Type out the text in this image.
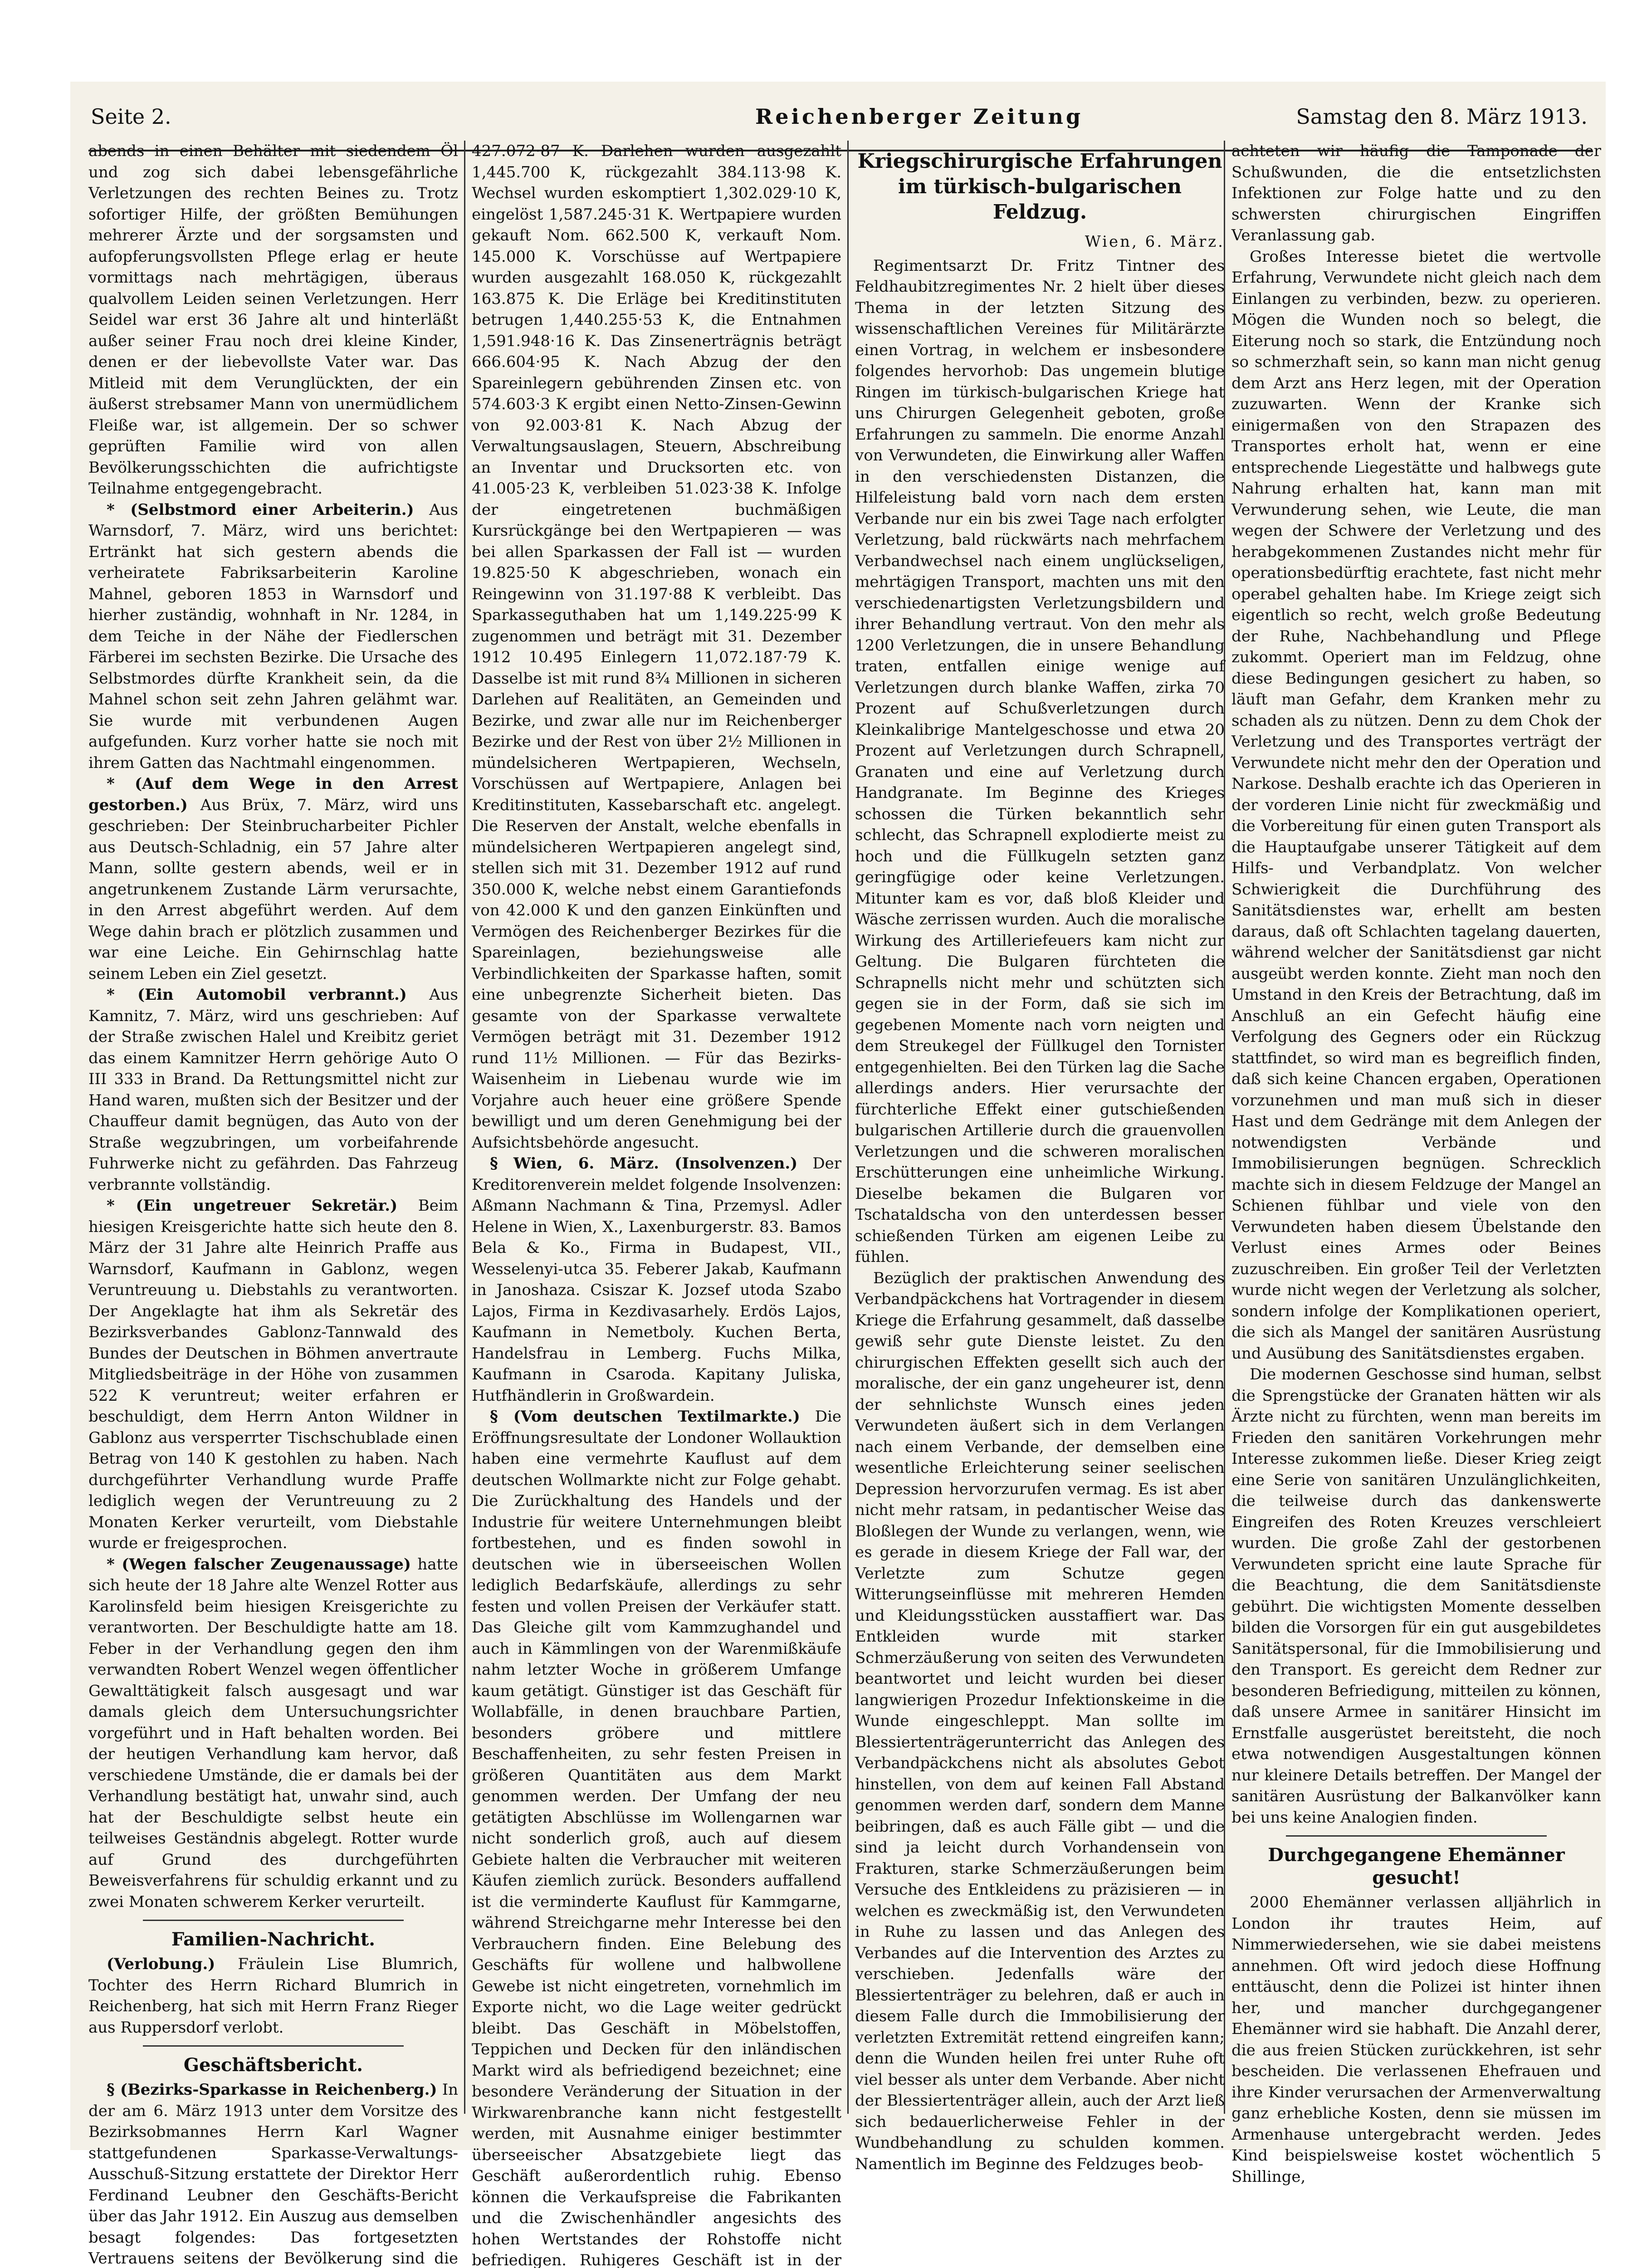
Seite 2.	Reichenberger Zeitung	Samstag den 8. März 1913.

abends in einen Behälter mit siedendem Öl und zog sich dabei lebensgefährliche Verletzungen des rechten Beines zu. Trotz sofortiger Hilfe, der größten Bemühungen mehrerer Ärzte und der sorgsamsten und aufopferungsvollsten Pflege erlag er heute vormittags nach mehrtägigen, überaus qualvollem Leiden seinen Verletzungen. Herr Seidel war erst 36 Jahre alt und hinterläßt außer seiner Frau noch drei kleine Kinder, denen er der liebevollste Vater war. Das Mitleid mit dem Verunglückten, der ein äußerst strebsamer Mann von unermüdlichem Fleiße war, ist allgemein. Der so schwer geprüften Familie wird von allen Bevölkerungsschichten die aufrichtigste Teilnahme entgegengebracht.

* (Selbstmord einer Arbeiterin.) Aus Warnsdorf, 7. März, wird uns berichtet: Ertränkt hat sich gestern abends die verheiratete Fabriksarbeiterin Karoline Mahnel, geboren 1853 in Warnsdorf und hierher zuständig, wohnhaft in Nr. 1284, in dem Teiche in der Nähe der Fiedlerschen Färberei im sechsten Bezirke. Die Ursache des Selbstmordes dürfte Krankheit sein, da die Mahnel schon seit zehn Jahren gelähmt war. Sie wurde mit verbundenen Augen aufgefunden. Kurz vorher hatte sie noch mit ihrem Gatten das Nachtmahl eingenommen.

* (Auf dem Wege in den Arrest gestorben.) Aus Brüx, 7. März, wird uns geschrieben: Der Steinbrucharbeiter Pichler aus Deutsch-Schladnig, ein 57 Jahre alter Mann, sollte gestern abends, weil er in angetrunkenem Zustande Lärm verursachte, in den Arrest abgeführt werden. Auf dem Wege dahin brach er plötzlich zusammen und war eine Leiche. Ein Gehirnschlag hatte seinem Leben ein Ziel gesetzt.

* (Ein Automobil verbrannt.) Aus Kamnitz, 7. März, wird uns geschrieben: Auf der Straße zwischen Halel und Kreibitz geriet das einem Kamnitzer Herrn gehörige Auto O III 333 in Brand. Da Rettungsmittel nicht zur Hand waren, mußten sich der Besitzer und der Chauffeur damit begnügen, das Auto von der Straße wegzubringen, um vorbeifahrende Fuhrwerke nicht zu gefährden. Das Fahrzeug verbrannte vollständig.

* (Ein ungetreuer Sekretär.) Beim hiesigen Kreisgerichte hatte sich heute den 8. März der 31 Jahre alte Heinrich Praffe aus Warnsdorf, Kaufmann in Gablonz, wegen Veruntreuung u. Diebstahls zu verantworten. Der Angeklagte hat ihm als Sekretär des Bezirksverbandes Gablonz-Tannwald des Bundes der Deutschen in Böhmen anvertraute Mitgliedsbeiträge in der Höhe von zusammen 522 K veruntreut; weiter erfahren er beschuldigt, dem Herrn Anton Wildner in Gablonz aus versperrter Tischschublade einen Betrag von 140 K gestohlen zu haben. Nach durchgeführter Verhandlung wurde Praffe lediglich wegen der Veruntreuung zu 2 Monaten Kerker verurteilt, vom Diebstahle wurde er freigesprochen.

* (Wegen falscher Zeugenaussage) hatte sich heute der 18 Jahre alte Wenzel Rotter aus Karolinsfeld beim hiesigen Kreisgerichte zu verantworten. Der Beschuldigte hatte am 18. Feber in der Verhandlung gegen den ihm verwandten Robert Wenzel wegen öffentlicher Gewalttätigkeit falsch ausgesagt und war damals gleich dem Untersuchungsrichter vorgeführt und in Haft behalten worden. Bei der heutigen Verhandlung kam hervor, daß verschiedene Umstände, die er damals bei der Verhandlung bestätigt hat, unwahr sind, auch hat der Beschuldigte selbst heute ein teilweises Geständnis abgelegt. Rotter wurde auf Grund des durchgeführten Beweisverfahrens für schuldig erkannt und zu zwei Monaten schwerem Kerker verurteilt.

Familien-Nachricht.

(Verlobung.) Fräulein Lise Blumrich, Tochter des Herrn Richard Blumrich in Reichenberg, hat sich mit Herrn Franz Rieger aus Ruppersdorf verlobt.

Geschäftsbericht.

§ (Bezirks-Sparkasse in Reichenberg.) In der am 6. März 1913 unter dem Vorsitze des Bezirksobmannes Herrn Karl Wagner stattgefundenen Sparkasse-Verwaltungs-Ausschuß-Sitzung erstattete der Direktor Herr Ferdinand Leubner den Geschäfts-Bericht über das Jahr 1912. Ein Auszug aus demselben besagt folgendes: Das fortgesetzten Vertrauens seitens der Bevölkerung sind die

427.072·87 K. Darlehen wurden ausgezahlt 1,445.700 K, rückgezahlt 384.113·98 K. Wechsel wurden eskomptiert 1,302.029·10 K, eingelöst 1,587.245·31 K. Wertpapiere wurden gekauft Nom. 662.500 K, verkauft Nom. 145.000 K. Vorschüsse auf Wertpapiere wurden ausgezahlt 168.050 K, rückgezahlt 163.875 K. Die Erläge bei Kreditinstituten betrugen 1,440.255·53 K, die Entnahmen 1,591.948·16 K. Das Zinsenerträgnis beträgt 666.604·95 K. Nach Abzug der den Spareinlegern gebührenden Zinsen etc. von 574.603·3 K ergibt einen Netto-Zinsen-Gewinn von 92.003·81 K. Nach Abzug der Verwaltungsauslagen, Steuern, Abschreibung an Inventar und Drucksorten etc. von 41.005·23 K, verbleiben 51.023·38 K. Infolge der eingetretenen buchmäßigen Kursrückgänge bei den Wertpapieren — was bei allen Sparkassen der Fall ist — wurden 19.825·50 K abgeschrieben, wonach ein Reingewinn von 31.197·88 K verbleibt. Das Sparkasseguthaben hat um 1,149.225·99 K zugenommen und beträgt mit 31. Dezember 1912 10.495 Einlegern 11,072.187·79 K. Dasselbe ist mit rund 8¾ Millionen in sicheren Darlehen auf Realitäten, an Gemeinden und Bezirke, und zwar alle nur im Reichenberger Bezirke und der Rest von über 2½ Millionen in mündelsicheren Wertpapieren, Wechseln, Vorschüssen auf Wertpapiere, Anlagen bei Kreditinstituten, Kassebarschaft etc. angelegt. Die Reserven der Anstalt, welche ebenfalls in mündelsicheren Wertpapieren angelegt sind, stellen sich mit 31. Dezember 1912 auf rund 350.000 K, welche nebst einem Garantiefonds von 42.000 K und den ganzen Einkünften und Vermögen des Reichenberger Bezirkes für die Spareinlagen, beziehungsweise alle Verbindlichkeiten der Sparkasse haften, somit eine unbegrenzte Sicherheit bieten. Das gesamte von der Sparkasse verwaltete Vermögen beträgt mit 31. Dezember 1912 rund 11½ Millionen. — Für das Bezirks-Waisenheim in Liebenau wurde wie im Vorjahre auch heuer eine größere Spende bewilligt und um deren Genehmigung bei der Aufsichtsbehörde angesucht.

§ Wien, 6. März. (Insolvenzen.) Der Kreditorenverein meldet folgende Insolvenzen: Aßmann Nachmann & Tina, Przemysl. Adler Helene in Wien, X., Laxenburgerstr. 83. Bamos Bela & Ko., Firma in Budapest, VII., Wesselenyi-utca 35. Feberer Jakab, Kaufmann in Janoshaza. Csiszar K. Jozsef utoda Szabo Lajos, Firma in Kezdivasarhely. Erdös Lajos, Kaufmann in Nemetboly. Kuchen Berta, Handelsfrau in Lemberg. Fuchs Milka, Kaufmann in Csaroda. Kapitany Juliska, Hutfhändlerin in Großwardein.

§ (Vom deutschen Textilmarkte.) Die Eröffnungsresultate der Londoner Wollauktion haben eine vermehrte Kauflust auf dem deutschen Wollmarkte nicht zur Folge gehabt. Die Zurückhaltung des Handels und der Industrie für weitere Unternehmungen bleibt fortbestehen, und es finden sowohl in deutschen wie in überseeischen Wollen lediglich Bedarfskäufe, allerdings zu sehr festen und vollen Preisen der Verkäufer statt. Das Gleiche gilt vom Kammzughandel und auch in Kämmlingen von der Warenmißkäufe nahm letzter Woche in größerem Umfange kaum getätigt. Günstiger ist das Geschäft für Wollabfälle, in denen brauchbare Partien, besonders gröbere und mittlere Beschaffenheiten, zu sehr festen Preisen in größeren Quantitäten aus dem Markt genommen werden. Der Umfang der neu getätigten Abschlüsse im Wollengarnen war nicht sonderlich groß, auch auf diesem Gebiete halten die Verbraucher mit weiteren Käufen ziemlich zurück. Besonders auffallend ist die verminderte Kauflust für Kammgarne, während Streichgarne mehr Interesse bei den Verbrauchern finden. Eine Belebung des Geschäfts für wollene und halbwollene Gewebe ist nicht eingetreten, vornehmlich im Exporte nicht, wo die Lage weiter gedrückt bleibt. Das Geschäft in Möbelstoffen, Teppichen und Decken für den inländischen Markt wird als befriedigend bezeichnet; eine besondere Veränderung der Situation in der Wirkwarenbranche kann nicht festgestellt werden, mit Ausnahme einiger bestimmter überseeischer Absatzgebiete liegt das Geschäft außerordentlich ruhig. Ebenso können die Verkaufspreise die Fabrikanten und die Zwischenhändler angesichts des hohen Wertstandes der Rohstoffe nicht befriedigen. Ruhigeres Geschäft ist in der

Kriegschirurgische Erfahrungen im türkisch-bulgarischen Feldzug.
Wien, 6. März.

Regimentsarzt Dr. Fritz Tintner des Feldhaubitzregimentes Nr. 2 hielt über dieses Thema in der letzten Sitzung des wissenschaftlichen Vereines für Militärärzte einen Vortrag, in welchem er insbesondere folgendes hervorhob: Das ungemein blutige Ringen im türkisch-bulgarischen Kriege hat uns Chirurgen Gelegenheit geboten, große Erfahrungen zu sammeln. Die enorme Anzahl von Verwundeten, die Einwirkung aller Waffen in den verschiedensten Distanzen, die Hilfeleistung bald vorn nach dem ersten Verbande nur ein bis zwei Tage nach erfolgter Verletzung, bald rückwärts nach mehrfachem Verbandwechsel nach einem unglückseligen, mehrtägigen Transport, machten uns mit den verschiedenartigsten Verletzungsbildern und ihrer Behandlung vertraut. Von den mehr als 1200 Verletzungen, die in unsere Behandlung traten, entfallen einige wenige auf Verletzungen durch blanke Waffen, zirka 70 Prozent auf Schußverletzungen durch Kleinkalibrige Mantelgeschosse und etwa 20 Prozent auf Verletzungen durch Schrapnell, Granaten und eine auf Verletzung durch Handgranate. Im Beginne des Krieges schossen die Türken bekanntlich sehr schlecht, das Schrapnell explodierte meist zu hoch und die Füllkugeln setzten ganz geringfügige oder keine Verletzungen. Mitunter kam es vor, daß bloß Kleider und Wäsche zerrissen wurden. Auch die moralische Wirkung des Artilleriefeuers kam nicht zur Geltung. Die Bulgaren fürchteten die Schrapnells nicht mehr und schützten sich gegen sie in der Form, daß sie sich im gegebenen Momente nach vorn neigten und dem Streukegel der Füllkugel den Tornister entgegenhielten. Bei den Türken lag die Sache allerdings anders. Hier verursachte der fürchterliche Effekt einer gutschießenden bulgarischen Artillerie durch die grauenvollen Verletzungen und die schweren moralischen Erschütterungen eine unheimliche Wirkung. Dieselbe bekamen die Bulgaren vor Tschataldscha von den unterdessen besser schießenden Türken am eigenen Leibe zu fühlen.

Bezüglich der praktischen Anwendung des Verbandpäckchens hat Vortragender in diesem Kriege die Erfahrung gesammelt, daß dasselbe gewiß sehr gute Dienste leistet. Zu den chirurgischen Effekten gesellt sich auch der moralische, der ein ganz ungeheurer ist, denn der sehnlichste Wunsch eines jeden Verwundeten äußert sich in dem Verlangen nach einem Verbande, der demselben eine wesentliche Erleichterung seiner seelischen Depression hervorzurufen vermag. Es ist aber nicht mehr ratsam, in pedantischer Weise das Bloßlegen der Wunde zu verlangen, wenn, wie es gerade in diesem Kriege der Fall war, der Verletzte zum Schutze gegen Witterungseinflüsse mit mehreren Hemden und Kleidungsstücken ausstaffiert war. Das Entkleiden wurde mit starker Schmerzäußerung von seiten des Verwundeten beantwortet und leicht wurden bei dieser langwierigen Prozedur Infektionskeime in die Wunde eingeschleppt. Man sollte im Blessiertenträgerunterricht das Anlegen des Verbandpäckchens nicht als absolutes Gebot hinstellen, von dem auf keinen Fall Abstand genommen werden darf, sondern dem Manne beibringen, daß es auch Fälle gibt — und die sind ja leicht durch Vorhandensein von Frakturen, starke Schmerzäußerungen beim Versuche des Entkleidens zu präzisieren — in welchen es zweckmäßig ist, den Verwundeten in Ruhe zu lassen und das Anlegen des Verbandes auf die Intervention des Arztes zu verschieben. Jedenfalls wäre der Blessiertenträger zu belehren, daß er auch in diesem Falle durch die Immobilisierung der verletzten Extremität rettend eingreifen kann; denn die Wunden heilen frei unter Ruhe oft viel besser als unter dem Verbande. Aber nicht der Blessiertenträger allein, auch der Arzt ließ sich bedauerlicherweise Fehler in der Wundbehandlung zu schulden kommen. Namentlich im Beginne des Feldzuges beob-

achteten wir häufig die Tamponade der Schußwunden, die die entsetzlichsten Infektionen zur Folge hatte und zu den schwersten chirurgischen Eingriffen Veranlassung gab.

Großes Interesse bietet die wertvolle Erfahrung, Verwundete nicht gleich nach dem Einlangen zu verbinden, bezw. zu operieren. Mögen die Wunden noch so belegt, die Eiterung noch so stark, die Entzündung noch so schmerzhaft sein, so kann man nicht genug dem Arzt ans Herz legen, mit der Operation zuzuwarten. Wenn der Kranke sich einigermaßen von den Strapazen des Transportes erholt hat, wenn er eine entsprechende Liegestätte und halbwegs gute Nahrung erhalten hat, kann man mit Verwunderung sehen, wie Leute, die man wegen der Schwere der Verletzung und des herabgekommenen Zustandes nicht mehr für operationsbedürftig erachtete, fast nicht mehr operabel gehalten habe. Im Kriege zeigt sich eigentlich so recht, welch große Bedeutung der Ruhe, Nachbehandlung und Pflege zukommt. Operiert man im Feldzug, ohne diese Bedingungen gesichert zu haben, so läuft man Gefahr, dem Kranken mehr zu schaden als zu nützen. Denn zu dem Chok der Verletzung und des Transportes verträgt der Verwundete nicht mehr den der Operation und Narkose. Deshalb erachte ich das Operieren in der vorderen Linie nicht für zweckmäßig und die Vorbereitung für einen guten Transport als die Hauptaufgabe unserer Tätigkeit auf dem Hilfs- und Verbandplatz. Von welcher Schwierigkeit die Durchführung des Sanitätsdienstes war, erhellt am besten daraus, daß oft Schlachten tagelang dauerten, während welcher der Sanitätsdienst gar nicht ausgeübt werden konnte. Zieht man noch den Umstand in den Kreis der Betrachtung, daß im Anschluß an ein Gefecht häufig eine Verfolgung des Gegners oder ein Rückzug stattfindet, so wird man es begreiflich finden, daß sich keine Chancen ergaben, Operationen vorzunehmen und man muß sich in dieser Hast und dem Gedränge mit dem Anlegen der notwendigsten Verbände und Immobilisierungen begnügen. Schrecklich machte sich in diesem Feldzuge der Mangel an Schienen fühlbar und viele von den Verwundeten haben diesem Übelstande den Verlust eines Armes oder Beines zuzuschreiben. Ein großer Teil der Verletzten wurde nicht wegen der Verletzung als solcher, sondern infolge der Komplikationen operiert, die sich als Mangel der sanitären Ausrüstung und Ausübung des Sanitätsdienstes ergaben.

Die modernen Geschosse sind human, selbst die Sprengstücke der Granaten hätten wir als Ärzte nicht zu fürchten, wenn man bereits im Frieden den sanitären Vorkehrungen mehr Interesse zukommen ließe. Dieser Krieg zeigt eine Serie von sanitären Unzulänglichkeiten, die teilweise durch das dankenswerte Eingreifen des Roten Kreuzes verschleiert wurden. Die große Zahl der gestorbenen Verwundeten spricht eine laute Sprache für die Beachtung, die dem Sanitätsdienste gebührt. Die wichtigsten Momente desselben bilden die Vorsorgen für ein gut ausgebildetes Sanitätspersonal, für die Immobilisierung und den Transport. Es gereicht dem Redner zur besonderen Befriedigung, mitteilen zu können, daß unsere Armee in sanitärer Hinsicht im Ernstfalle ausgerüstet bereitsteht, die noch etwa notwendigen Ausgestaltungen können nur kleinere Details betreffen. Der Mangel der sanitären Ausrüstung der Balkanvölker kann bei uns keine Analogien finden.

Durchgegangene Ehemänner gesucht!

2000 Ehemänner verlassen alljährlich in London ihr trautes Heim, auf Nimmerwiedersehen, wie sie dabei meistens annehmen. Oft wird jedoch diese Hoffnung enttäuscht, denn die Polizei ist hinter ihnen her, und mancher durchgegangener Ehemänner wird sie habhaft. Die Anzahl derer, die aus freien Stücken zurückkehren, ist sehr bescheiden. Die verlassenen Ehefrauen und ihre Kinder verursachen der Armenverwaltung ganz erhebliche Kosten, denn sie müssen im Armenhause untergebracht werden. Jedes Kind beispielsweise kostet wöchentlich 5 Shillinge,
